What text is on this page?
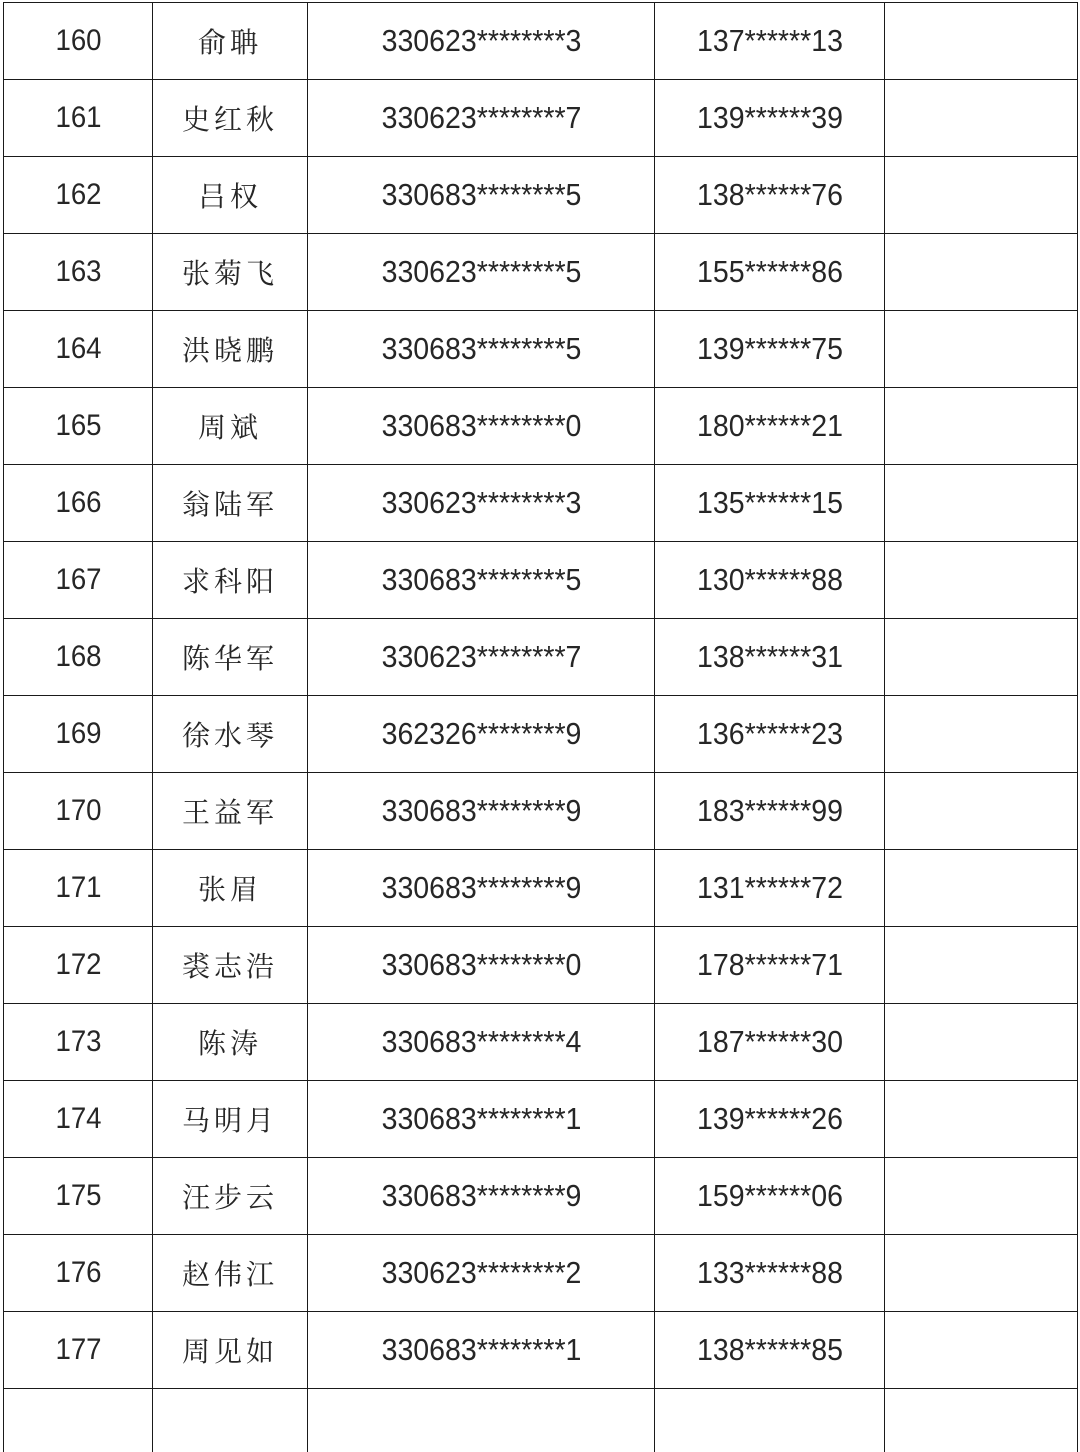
160	俞聃	330623********3	137******13	
161	史红秋	330623********7	139******39	
162	吕权	330683********5	138******76	
163	张菊飞	330623********5	155******86	
164	洪晓鹏	330683********5	139******75	
165	周斌	330683********0	180******21	
166	翁陆军	330623********3	135******15	
167	求科阳	330683********5	130******88	
168	陈华军	330623********7	138******31	
169	徐水琴	362326********9	136******23	
170	王益军	330683********9	183******99	
171	张眉	330683********9	131******72	
172	裘志浩	330683********0	178******71	
173	陈涛	330683********4	187******30	
174	马明月	330683********1	139******26	
175	汪步云	330683********9	159******06	
176	赵伟江	330623********2	133******88	
177	周见如	330683********1	138******85	
